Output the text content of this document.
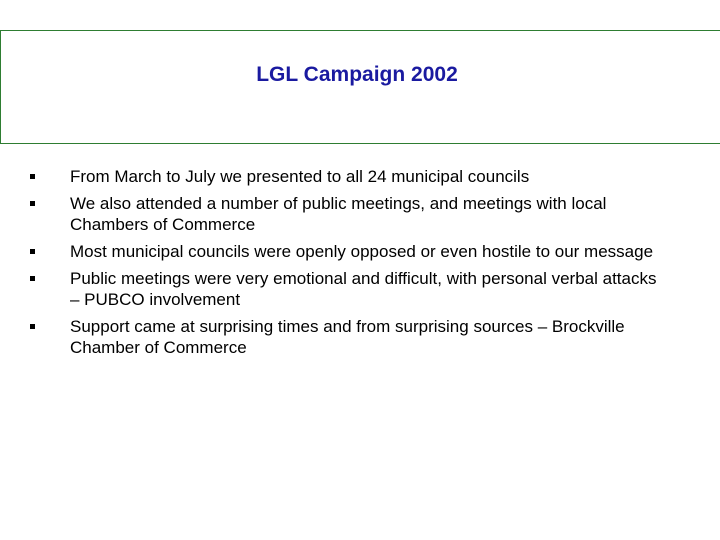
LGL Campaign 2002
From March to July we presented to all 24 municipal councils
We also attended a number of public meetings, and meetings with local Chambers of Commerce
Most municipal councils were openly opposed or even hostile to our message
Public meetings were very emotional and difficult, with personal verbal attacks – PUBCO involvement
Support came at surprising times and from surprising sources – Brockville Chamber of Commerce
